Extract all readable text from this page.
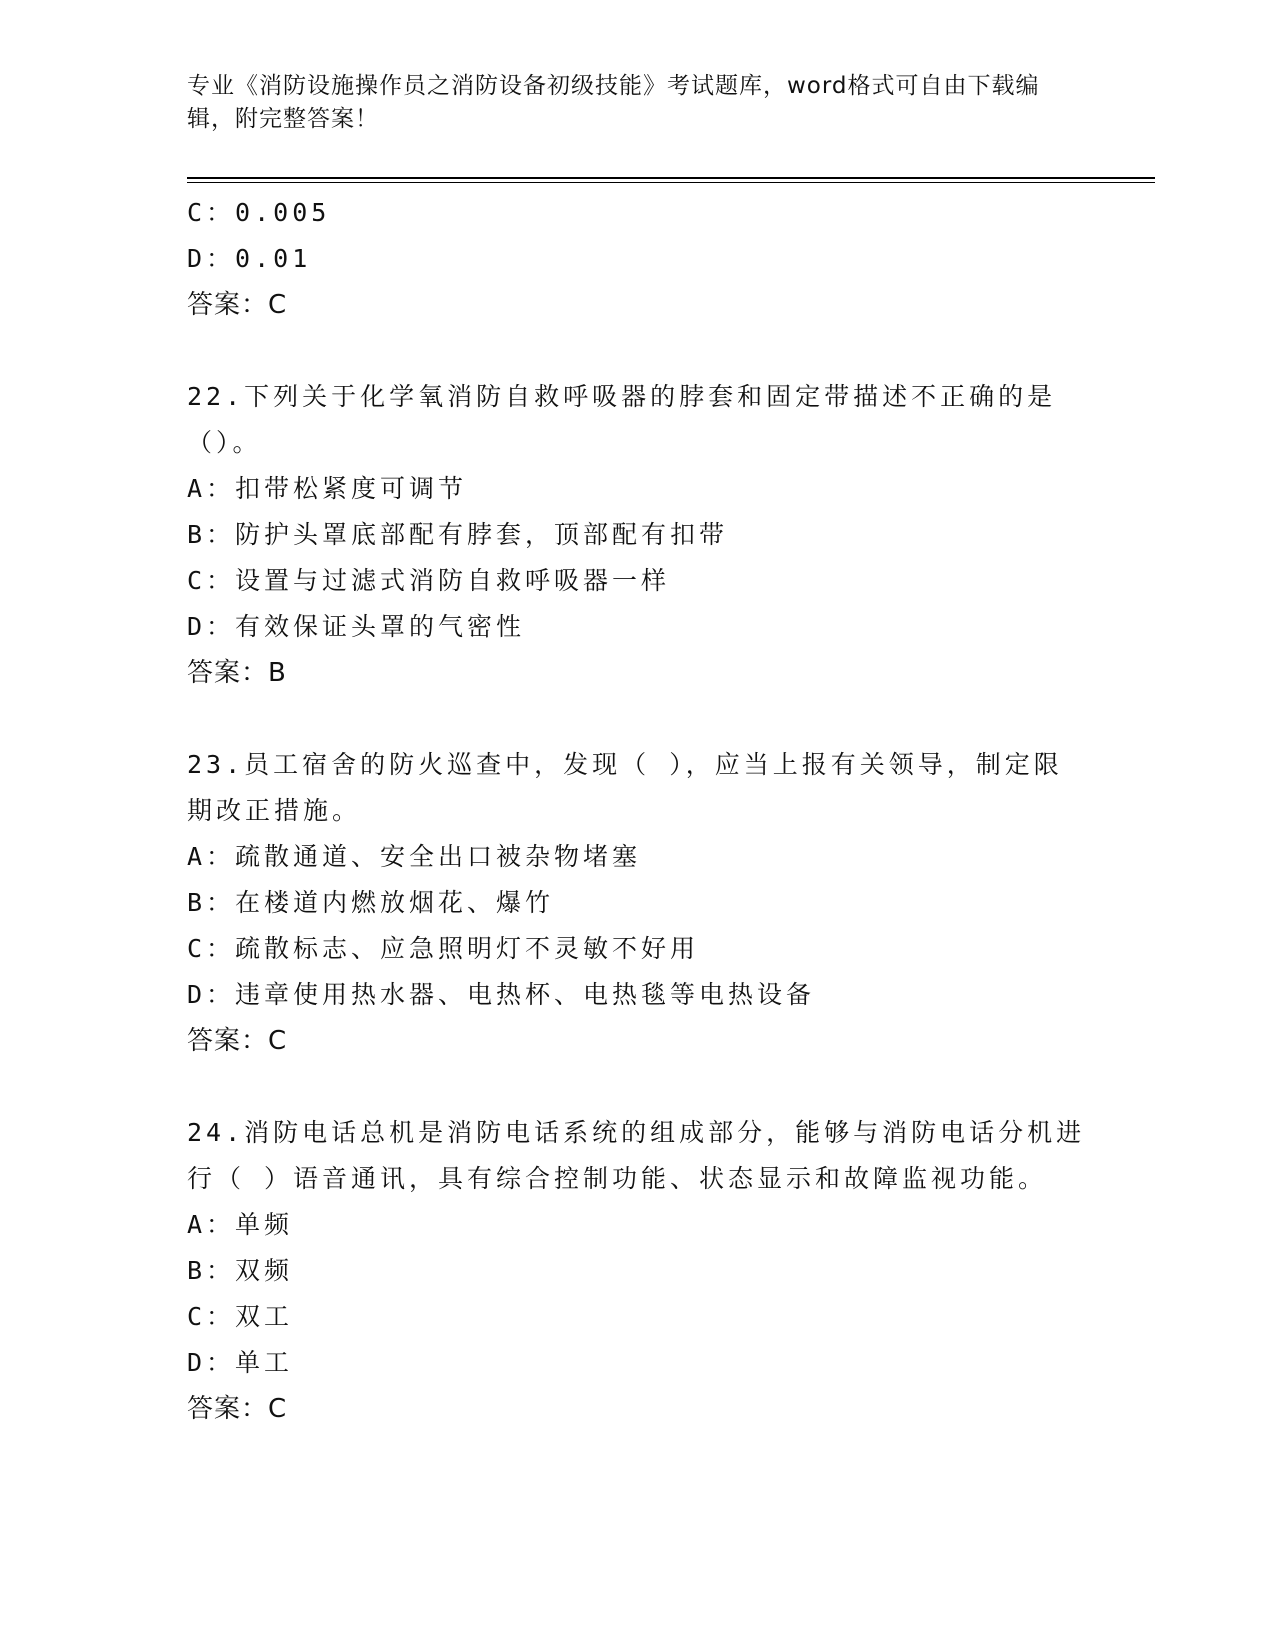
专业《消防设施操作员之消防设备初级技能》考试题库，word格式可自由下载编辑，附完整答案！
C：0.005
D：0.01
答案：C
22.下列关于化学氧消防自救呼吸器的脖套和固定带描述不正确的是（）。
A：扣带松紧度可调节
B：防护头罩底部配有脖套，顶部配有扣带
C：设置与过滤式消防自救呼吸器一样
D：有效保证头罩的气密性
答案：B
23.员工宿舍的防火巡查中，发现（ ），应当上报有关领导，制定限期改正措施。
A：疏散通道、安全出口被杂物堵塞
B：在楼道内燃放烟花、爆竹
C：疏散标志、应急照明灯不灵敏不好用
D：违章使用热水器、电热杯、电热毯等电热设备
答案：C
24.消防电话总机是消防电话系统的组成部分，能够与消防电话分机进行（ ）语音通讯，具有综合控制功能、状态显示和故障监视功能。
A：单频
B：双频
C：双工
D：单工
答案：C
